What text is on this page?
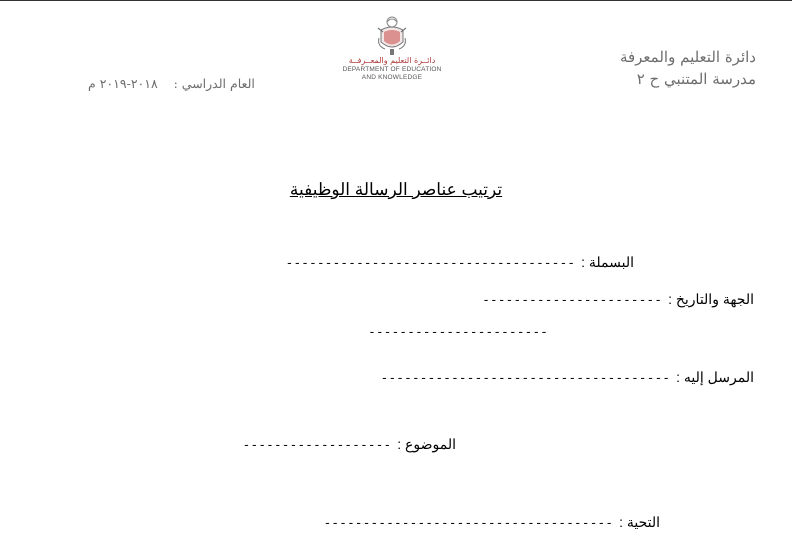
دائرة التعليم والمعرفة
مدرسة المتنبي ح ٢
دائــرة التعليم والمعــرفــة
DEPARTMENT OF EDUCATION
AND KNOWLEDGE
العام الدراسي :    ٢٠١٨-٢٠١٩ م
ترتيب عناصر الرسالة الوظيفية
البسملة :
-------------------------------------
الجهة والتاريخ :
-----------------------
-----------------------
المرسل إليه :
-------------------------------------
الموضوع :
-------------------
التحية :
-------------------------------------
